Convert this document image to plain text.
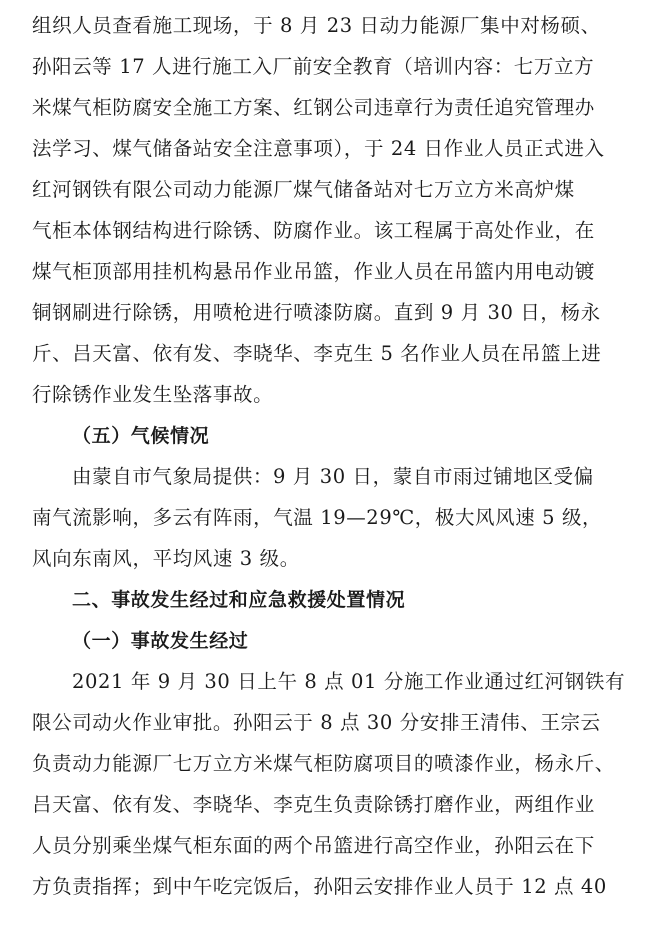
组织人员查看施工现场，于 8 月 23 日动力能源厂集中对杨硕、
孙阳云等 17 人进行施工入厂前安全教育（培训内容：七万立方
米煤气柜防腐安全施工方案、红钢公司违章行为责任追究管理办
法学习、煤气储备站安全注意事项），于 24 日作业人员正式进入
红河钢铁有限公司动力能源厂煤气储备站对七万立方米高炉煤
气柜本体钢结构进行除锈、防腐作业。该工程属于高处作业，在
煤气柜顶部用挂机构悬吊作业吊篮，作业人员在吊篮内用电动镀
铜钢刷进行除锈，用喷枪进行喷漆防腐。直到 9 月 30 日，杨永
斤、吕天富、依有发、李晓华、李克生 5 名作业人员在吊篮上进
行除锈作业发生坠落事故。
（五）气候情况
由蒙自市气象局提供：9 月 30 日，蒙自市雨过铺地区受偏
南气流影响，多云有阵雨，气温 19—29℃，极大风风速 5 级，
风向东南风，平均风速 3 级。
二、事故发生经过和应急救援处置情况
（一）事故发生经过
2021 年 9 月 30 日上午 8 点 01 分施工作业通过红河钢铁有
限公司动火作业审批。孙阳云于 8 点 30 分安排王清伟、王宗云
负责动力能源厂七万立方米煤气柜防腐项目的喷漆作业，杨永斤、
吕天富、依有发、李晓华、李克生负责除锈打磨作业，两组作业
人员分别乘坐煤气柜东面的两个吊篮进行高空作业，孙阳云在下
方负责指挥；到中午吃完饭后，孙阳云安排作业人员于 12 点 40
